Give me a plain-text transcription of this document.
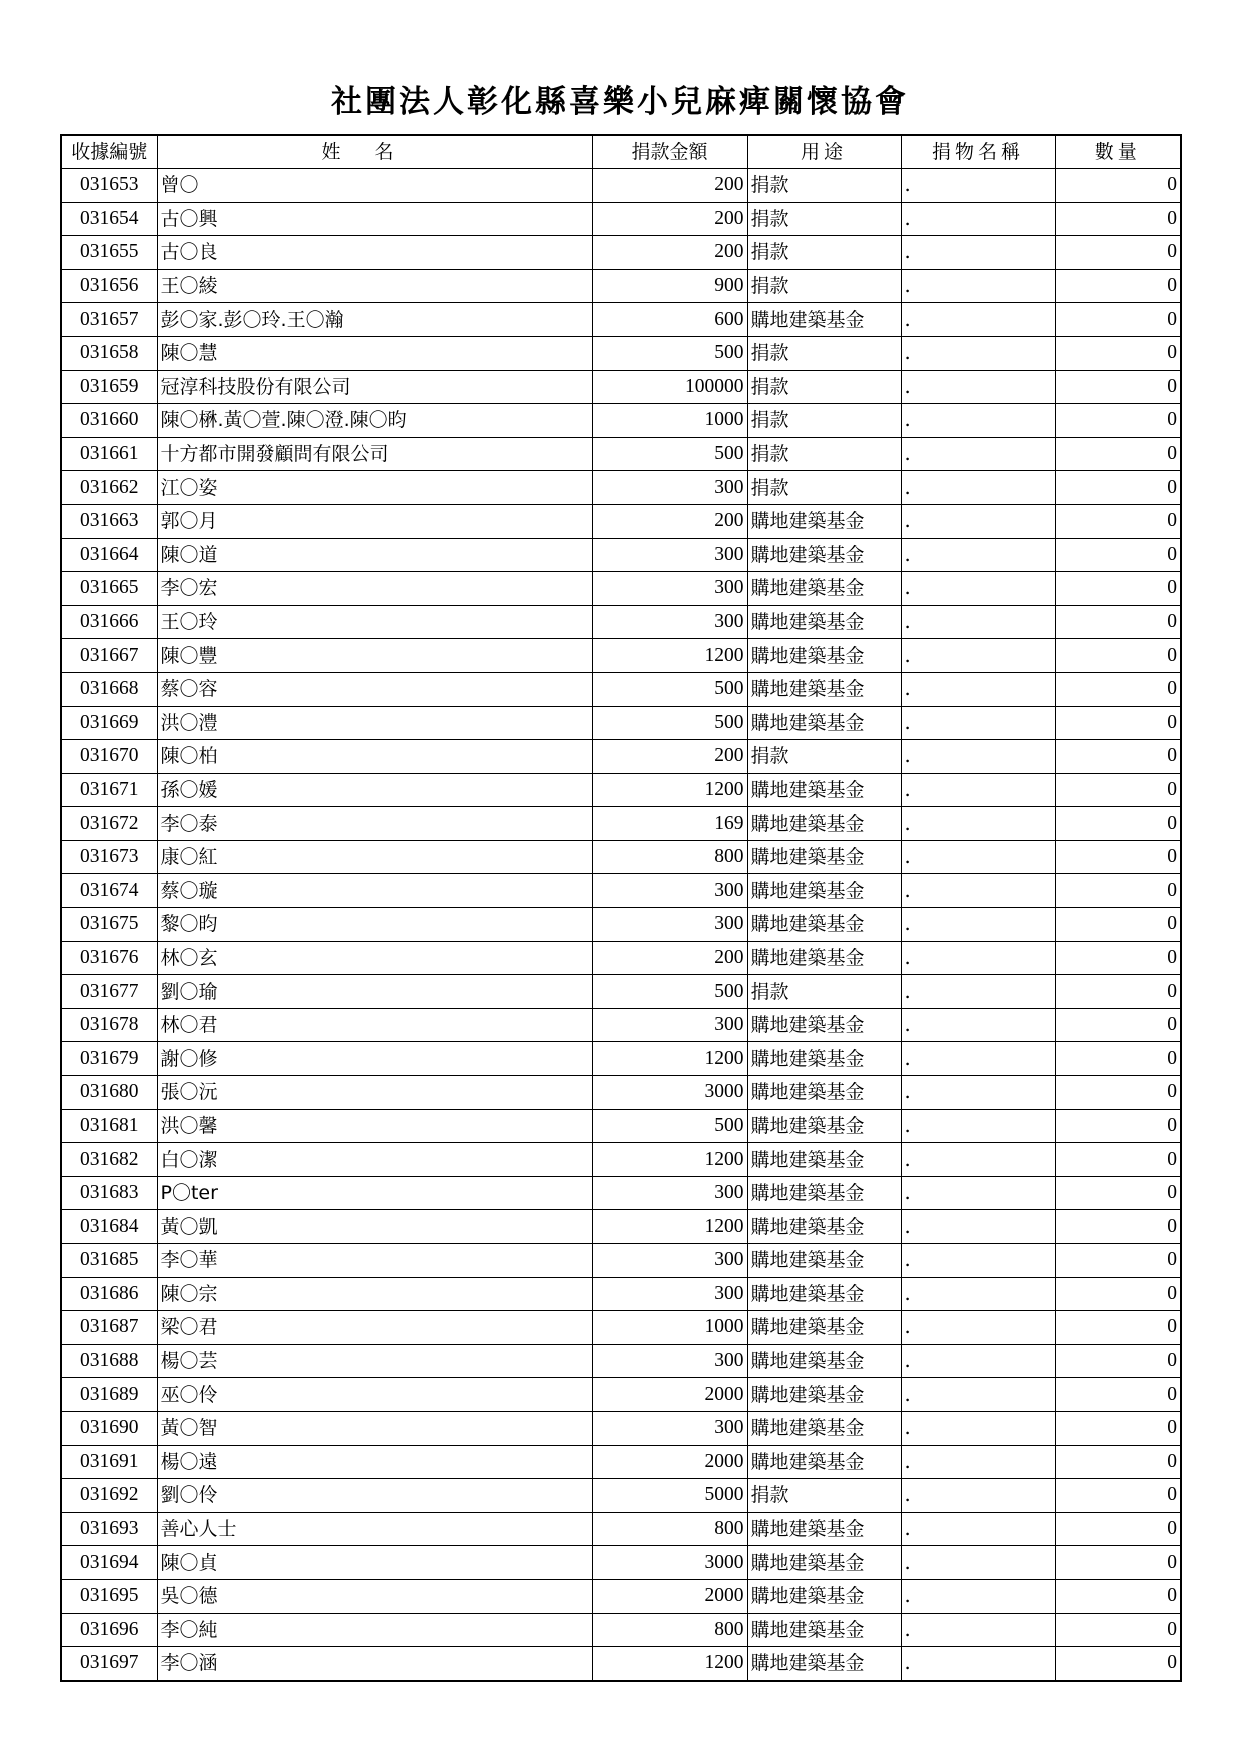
社團法人彰化縣喜樂小兒麻痺關懷協會
收據編號	姓名	捐款金額	用途	捐物名稱	數量
031653	曾〇	200	捐款	.	0
031654	古〇興	200	捐款	.	0
031655	古〇良	200	捐款	.	0
031656	王〇綾	900	捐款	.	0
031657	彭〇家.彭〇玲.王〇瀚	600	購地建築基金	.	0
031658	陳〇慧	500	捐款	.	0
031659	冠淳科技股份有限公司	100000	捐款	.	0
031660	陳〇楙.黃〇萱.陳〇澄.陳〇昀	1000	捐款	.	0
031661	十方都市開發顧問有限公司	500	捐款	.	0
031662	江〇姿	300	捐款	.	0
031663	郭〇月	200	購地建築基金	.	0
031664	陳〇道	300	購地建築基金	.	0
031665	李〇宏	300	購地建築基金	.	0
031666	王〇玲	300	購地建築基金	.	0
031667	陳〇豐	1200	購地建築基金	.	0
031668	蔡〇容	500	購地建築基金	.	0
031669	洪〇澧	500	購地建築基金	.	0
031670	陳〇柏	200	捐款	.	0
031671	孫〇媛	1200	購地建築基金	.	0
031672	李〇泰	169	購地建築基金	.	0
031673	康〇紅	800	購地建築基金	.	0
031674	蔡〇璇	300	購地建築基金	.	0
031675	黎〇昀	300	購地建築基金	.	0
031676	林〇玄	200	購地建築基金	.	0
031677	劉〇瑜	500	捐款	.	0
031678	林〇君	300	購地建築基金	.	0
031679	謝〇修	1200	購地建築基金	.	0
031680	張〇沅	3000	購地建築基金	.	0
031681	洪〇馨	500	購地建築基金	.	0
031682	白〇潔	1200	購地建築基金	.	0
031683	P〇ter	300	購地建築基金	.	0
031684	黃〇凱	1200	購地建築基金	.	0
031685	李〇華	300	購地建築基金	.	0
031686	陳〇宗	300	購地建築基金	.	0
031687	梁〇君	1000	購地建築基金	.	0
031688	楊〇芸	300	購地建築基金	.	0
031689	巫〇伶	2000	購地建築基金	.	0
031690	黃〇智	300	購地建築基金	.	0
031691	楊〇遠	2000	購地建築基金	.	0
031692	劉〇伶	5000	捐款	.	0
031693	善心人士	800	購地建築基金	.	0
031694	陳〇貞	3000	購地建築基金	.	0
031695	吳〇德	2000	購地建築基金	.	0
031696	李〇純	800	購地建築基金	.	0
031697	李〇涵	1200	購地建築基金	.	0
